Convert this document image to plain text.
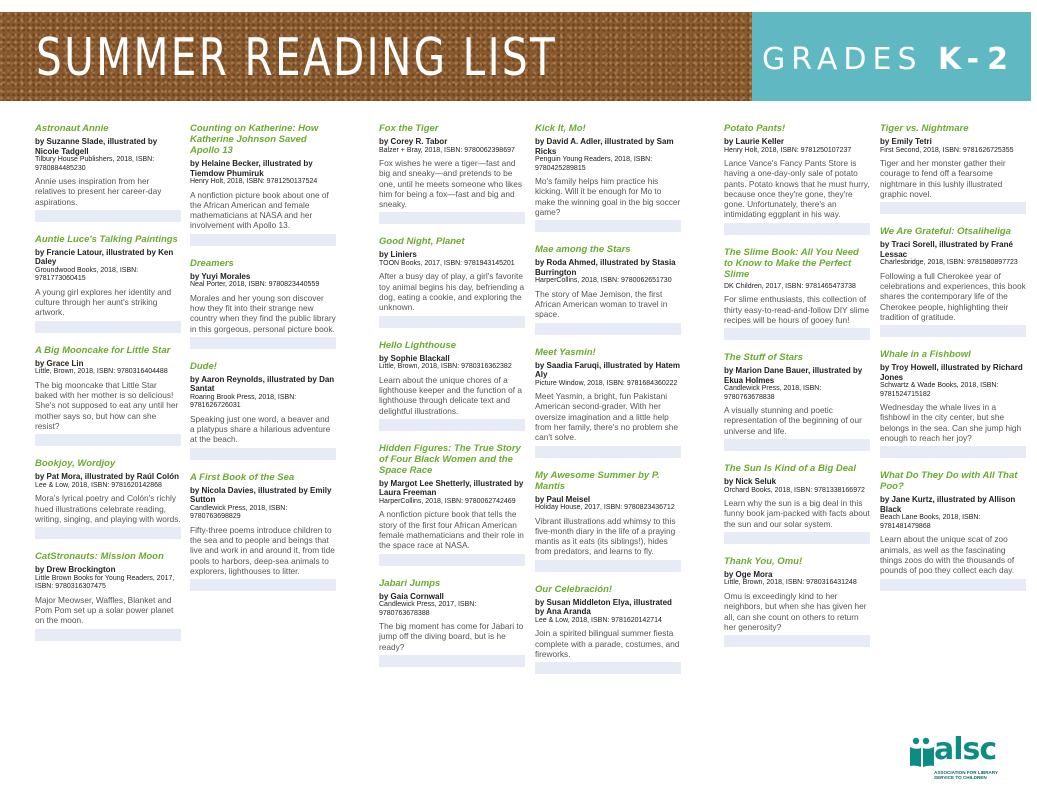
SUMMER READING LIST	GRADES K-2
Astronaut Annie
by Suzanne Slade, illustrated by Nicole Tadgell
Tilbury House Publishers, 2018, ISBN: 9780884485230
Annie uses inspiration from her relatives to present her career-day aspirations.
Auntie Luce's Talking Paintings
by Francie Latour, illustrated by Ken Daley
Groundwood Books, 2018, ISBN: 9781773060415
A young girl explores her identity and culture through her aunt's striking artwork.
A Big Mooncake for Little Star
by Grace Lin
Little, Brown, 2018, ISBN: 9780316404488
The big mooncake that Little Star baked with her mother is so delicious! She's not supposed to eat any until her mother says so, but how can she resist?
Bookjoy, Wordjoy
by Pat Mora, illustrated by Raúl Colón
Lee & Low, 2018, ISBN: 9781620142868
Mora's lyrical poetry and Colón's richly hued illustrations celebrate reading, writing, singing, and playing with words.
CatStronauts: Mission Moon
by Drew Brockington
Little Brown Books for Young Readers, 2017, ISBN: 9780316307475
Major Meowser, Waffles, Blanket and Pom Pom set up a solar power planet on the moon.
Counting on Katherine: How Katherine Johnson Saved Apollo 13
by Helaine Becker, illustrated by Tiemdow Phumiruk
Henry Holt, 2018, ISBN: 9781250137524
A nonfiction picture book about one of the African American and female mathematicians at NASA and her involvement with Apollo 13.
Dreamers
by Yuyi Morales
Neal Porter, 2018, ISBN: 9780823440559
Morales and her young son discover how they fit into their strange new country when they find the public library in this gorgeous, personal picture book.
Dude!
by Aaron Reynolds, illustrated by Dan Santat
Roaring Brook Press, 2018, ISBN: 9781626726031
Speaking just one word, a beaver and a platypus share a hilarious adventure at the beach.
A First Book of the Sea
by Nicola Davies, illustrated by Emily Sutton
Candlewick Press, 2018, ISBN: 9780763698829
Fifty-three poems introduce children to the sea and to people and beings that live and work in and around it, from tide pools to harbors, deep-sea animals to explorers, lighthouses to litter.
Fox the Tiger
by Corey R. Tabor
Balzer + Bray, 2018, ISBN: 9780062398697
Fox wishes he were a tiger—fast and big and sneaky—and pretends to be one, until he meets someone who likes him for being a fox—fast and big and sneaky.
Good Night, Planet
by Liniers
TOON Books, 2017, ISBN: 9781943145201
After a busy day of play, a girl's favorite toy animal begins his day, befriending a dog, eating a cookie, and exploring the unknown.
Hello Lighthouse
by Sophie Blackall
Little, Brown, 2018, ISBN: 9780316362382
Learn about the unique chores of a lighthouse keeper and the function of a lighthouse through delicate text and delightful illustrations.
Hidden Figures: The True Story of Four Black Women and the Space Race
by Margot Lee Shetterly, illustrated by Laura Freeman
HarperCollins, 2018, ISBN: 9780062742469
A nonfiction picture book that tells the story of the first four African American female mathematicians and their role in the space race at NASA.
Jabari Jumps
by Gaia Cornwall
Candlewick Press, 2017, ISBN: 9780763678388
The big moment has come for Jabari to jump off the diving board, but is he ready?
Kick It, Mo!
by David A. Adler, illustrated by Sam Ricks
Penguin Young Readers, 2018, ISBN: 9780425289815
Mo's family helps him practice his kicking. Will it be enough for Mo to make the winning goal in the big soccer game?
Mae among the Stars
by Roda Ahmed, illustrated by Stasia Burrington
HarperCollins, 2018, ISBN: 9780062651730
The story of Mae Jemison, the first African American woman to travel in space.
Meet Yasmin!
by Saadia Faruqi, illustrated by Hatem Aly
Picture Window, 2018, ISBN: 9781684360222
Meet Yasmin, a bright, fun Pakistani American second-grader. With her oversize imagination and a little help from her family, there's no problem she can't solve.
My Awesome Summer by P. Mantis
by Paul Meisel
Holiday House, 2017, ISBN: 9780823436712
Vibrant illustrations add whimsy to this five-month diary in the life of a praying mantis as it eats (its siblings!), hides from predators, and learns to fly.
Our Celebración!
by Susan Middleton Elya, illustrated by Ana Aranda
Lee & Low, 2018, ISBN: 9781620142714
Join a spirited bilingual summer fiesta complete with a parade, costumes, and fireworks.
Potato Pants!
by Laurie Keller
Henry Holt, 2018, ISBN: 9781250107237
Lance Vance's Fancy Pants Store is having a one-day-only sale of potato pants. Potato knows that he must hurry, because once they're gone, they're gone. Unfortunately, there's an intimidating eggplant in his way.
The Slime Book: All You Need to Know to Make the Perfect Slime
DK Children, 2017, ISBN: 9781465473738
For slime enthusiasts, this collection of thirty easy-to-read-and-follow DIY slime recipes will be hours of gooey fun!
The Stuff of Stars
by Marion Dane Bauer, illustrated by Ekua Holmes
Candlewick Press, 2018, ISBN: 9780763678838
A visually stunning and poetic representation of the beginning of our universe and life.
The Sun Is Kind of a Big Deal
by Nick Seluk
Orchard Books, 2018, ISBN: 9781338166972
Learn why the sun is a big deal in this funny book jam-packed with facts about the sun and our solar system.
Thank You, Omu!
by Oge Mora
Little, Brown, 2018, ISBN: 9780316431248
Omu is exceedingly kind to her neighbors, but when she has given her all, can she count on others to return her generosity?
Tiger vs. Nightmare
by Emily Tetri
First Second, 2018, ISBN: 9781626725355
Tiger and her monster gather their courage to fend off a fearsome nightmare in this lushly illustrated graphic novel.
We Are Grateful: Otsaliheliga
by Traci Sorell, illustrated by Frané Lessac
Charlesbridge, 2018, ISBN: 9781580897723
Following a full Cherokee year of celebrations and experiences, this book shares the contemporary life of the Cherokee people, highlighting their tradition of gratitude.
Whale in a Fishbowl
by Troy Howell, illustrated by Richard Jones
Schwartz & Wade Books, 2018, ISBN: 9781524715182
Wednesday the whale lives in a fishbowl in the city center, but she belongs in the sea. Can she jump high enough to reach her joy?
What Do They Do with All That Poo?
by Jane Kurtz, illustrated by Allison Black
Beach Lane Books, 2018, ISBN: 9781481479868
Learn about the unique scat of zoo animals, as well as the fascinating things zoos do with the thousands of pounds of poo they collect each day.
alsc
ASSOCIATION FOR LIBRARY SERVICE TO CHILDREN
